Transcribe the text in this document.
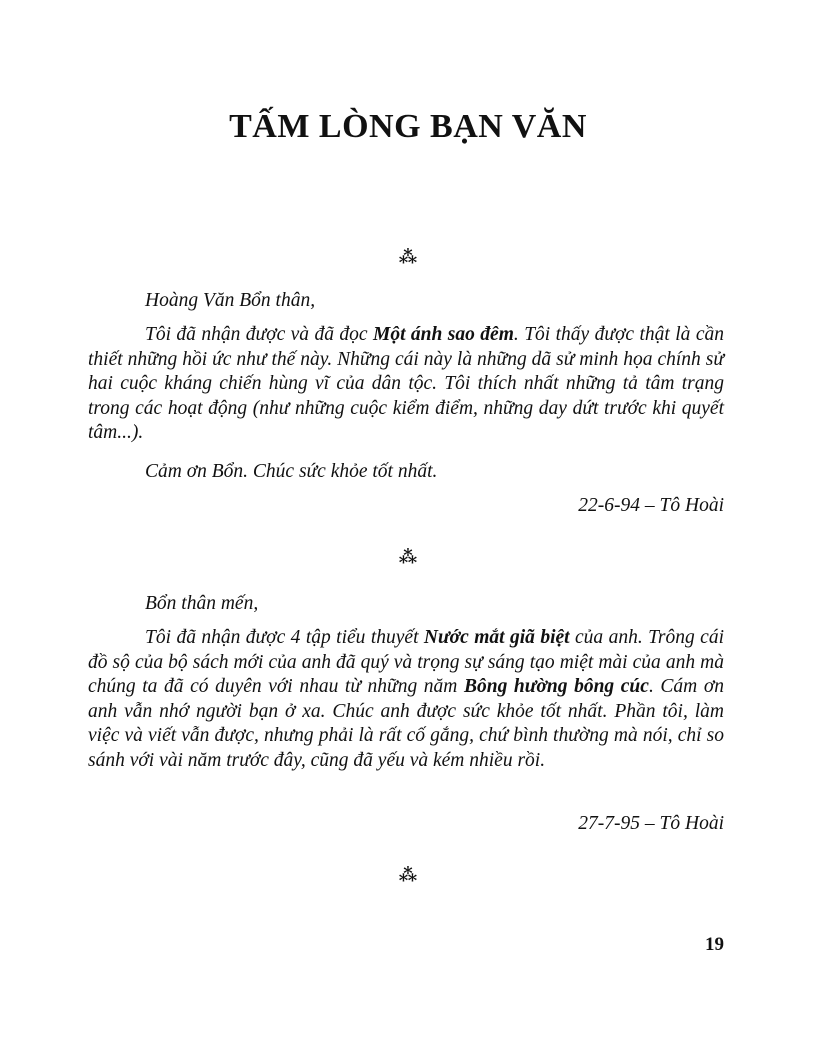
TẤM LÒNG BẠN VĂN
⁂
Hoàng Văn Bổn thân,

Tôi đã nhận được và đã đọc Một ánh sao đêm. Tôi thấy được thật là cần thiết những hồi ức như thế này. Những cái này là những dã sử minh họa chính sử hai cuộc kháng chiến hùng vĩ của dân tộc. Tôi thích nhất những tả tâm trạng trong các hoạt động (như những cuộc kiểm điểm, những day dứt trước khi quyết tâm...).

Cảm ơn Bổn. Chúc sức khỏe tốt nhất.
22-6-94 – Tô Hoài
⁂
Bổn thân mến,

Tôi đã nhận được 4 tập tiểu thuyết Nước mắt giã biệt của anh. Trông cái đồ sộ của bộ sách mới của anh đã quý và trọng sự sáng tạo miệt mài của anh mà chúng ta đã có duyên với nhau từ những năm Bông hường bông cúc. Cám ơn anh vẫn nhớ người bạn ở xa. Chúc anh được sức khỏe tốt nhất. Phần tôi, làm việc và viết vẫn được, nhưng phải là rất cố gắng, chứ bình thường mà nói, chỉ so sánh với vài năm trước đây, cũng đã yếu và kém nhiều rồi.

27-7-95 – Tô Hoài
⁂
19
